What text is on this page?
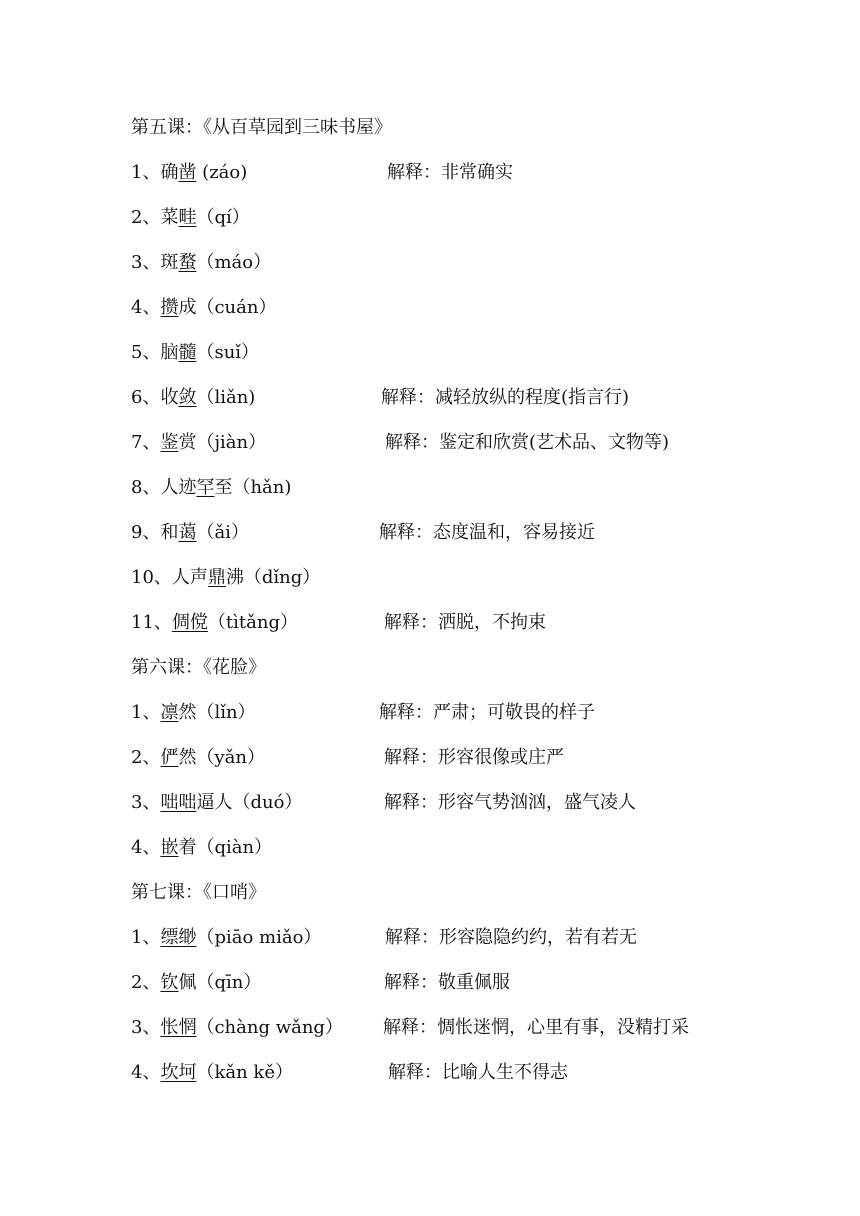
第五课：《从百草园到三味书屋》
1、确凿 (záo)	解释：非常确实
2、菜畦（qí）
3、斑蝥（máo）
4、攒成（cuán）
5、脑髓（suǐ）
6、收敛（liǎn)	解释：减轻放纵的程度(指言行)
7、鉴赏（jiàn）	解释：鉴定和欣赏(艺术品、文物等)
8、人迹罕至（hǎn)
9、和蔼（ǎi）	解释：态度温和，容易接近
10、人声鼎沸（dǐng）
11、倜傥（tìtǎng）	解释：洒脱，不拘束
第六课：《花脸》
1、凛然（lǐn）	解释：严肃；可敬畏的样子
2、俨然（yǎn）	解释：形容很像或庄严
3、咄咄逼人（duó）	解释：形容气势汹汹，盛气凌人
4、嵌着（qiàn）
第七课：《口哨》
1、缥缈（piāo miǎo）	解释：形容隐隐约约，若有若无
2、钦佩（qīn）	解释：敬重佩服
3、怅惘（chàng wǎng） 解释：惆怅迷惘，心里有事，没精打采
4、坎坷（kǎn kě）	解释：比喻人生不得志
